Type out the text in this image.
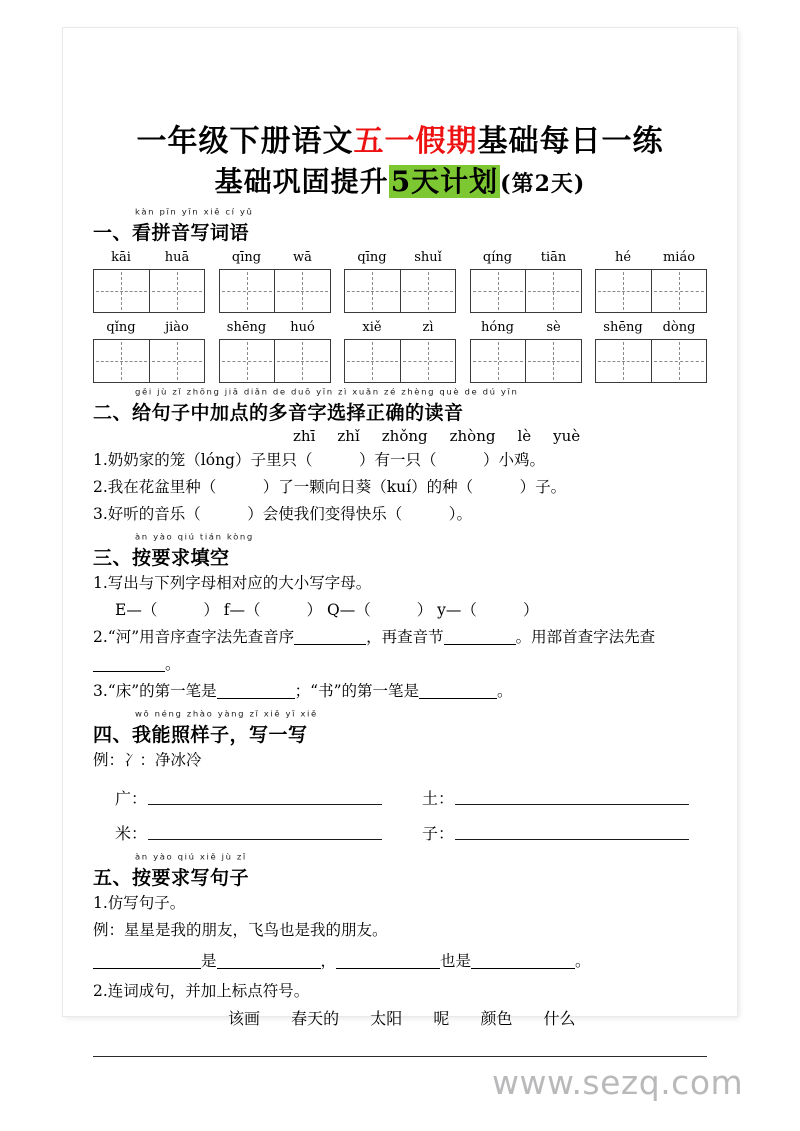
一年级下册语文五一假期基础每日一练
基础巩固提升5天计划(第2天)
kàn pīn yīn xiě cí yǔ
一、看拼音写词语
kāi	huā	qīng	wā	qīng	shuǐ	qíng	tiān	hé	miáo
qǐng	jiào	shēng	huó	xiě	zì	hóng	sè	shēng	dòng
gěi jù zǐ zhōng jiā diǎn de duō yīn zì xuǎn zé zhèng què de dú yīn
二、给句子中加点的多音字选择正确的读音
zhī zhǐ zhǒng zhòng lè yuè
1.奶奶家的笼（lóng）子里只（　　　）有一只（　　　）小鸡。
2.我在花盆里种（　　　）了一颗向日葵（kuí）的种（　　　）子。
3.好听的音乐（　　　）会使我们变得快乐（　　　）。
àn yào qiú tián kòng
三、按要求填空
1.写出与下列字母相对应的大小写字母。
E—（	） f—（	） Q—（	） y—（	）
2.“河”用音序查字法先查音序	，再查音节	。用部首查字法先查。
3.“床”的第一笔是	；“书”的第一笔是	。
wǒ néng zhào yàng zǐ xiě yī xiě
四、我能照样子，写一写
例：冫：净冰冷
广：	土：
米：	子：
àn yào qiú xiě jù zǐ
五、按要求写句子
1.仿写句子。
例：星星是我的朋友，飞鸟也是我的朋友。
是	，	也是	。
2.连词成句，并加上标点符号。
该画 春天的 太阳 呢 颜色 什么
www.sezq.com
